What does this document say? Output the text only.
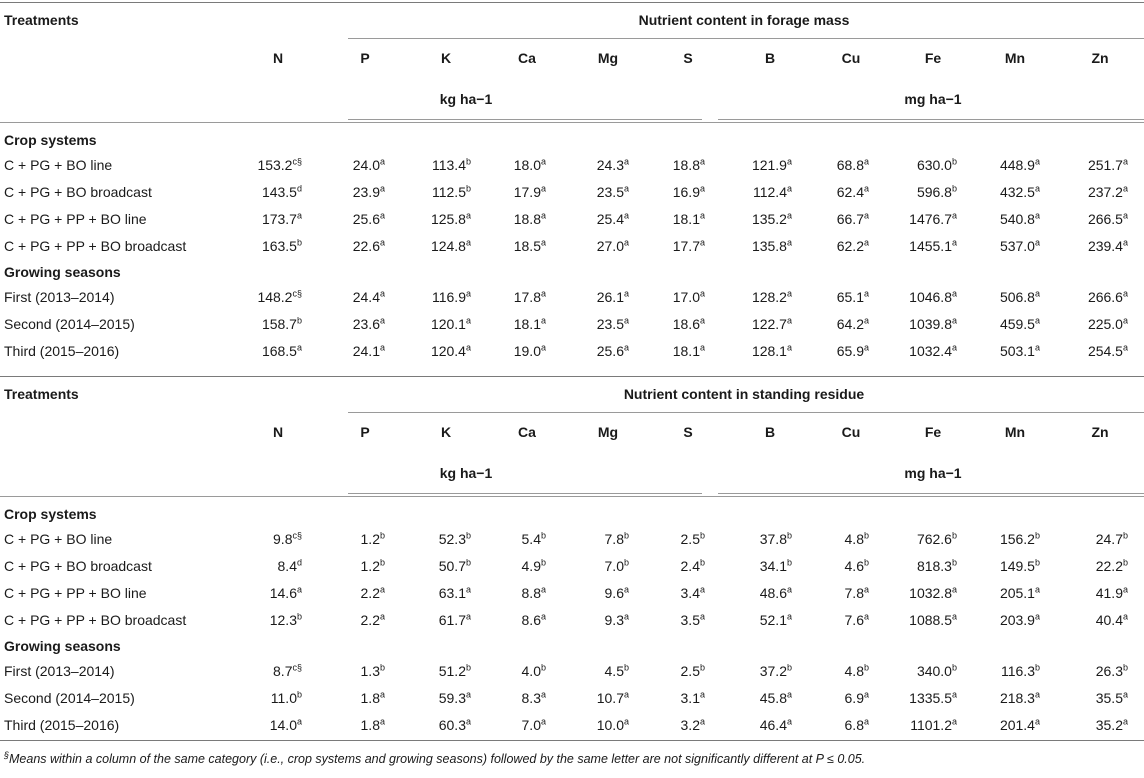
Treatments	Nutrient content in forage mass
N	P	K	Ca	Mg	S	B	Cu	Fe	Mn	Zn
kg ha−1	mg ha−1
Crop systems
C + PG + BO line	$153.2^{c\S}$	24.0$^a$	113.4$^b$	18.0$^a$	24.3$^a$	18.8$^a$	121.9$^a$	68.8$^a$	630.0$^b$	448.9$^a$	251.7$^a$
C + PG + BO broadcast	143.5$^d$	23.9$^a$	112.5$^b$	17.9$^a$	23.5$^a$	16.9$^a$	112.4$^a$	62.4$^a$	596.8$^b$	432.5$^a$	237.2$^a$
C + PG + PP + BO line	173.7$^a$	25.6$^a$	125.8$^a$	18.8$^a$	25.4$^a$	18.1$^a$	135.2$^a$	66.7$^a$	1476.7$^a$	540.8$^a$	266.5$^a$
C + PG + PP + BO broadcast	163.5$^b$	22.6$^a$	124.8$^a$	18.5$^a$	27.0$^a$	17.7$^a$	135.8$^a$	62.2$^a$	1455.1$^a$	537.0$^a$	239.4$^a$
Growing seasons
First (2013–2014)	$148.2^{c\S}$	24.4$^a$	116.9$^a$	17.8$^a$	26.1$^a$	17.0$^a$	128.2$^a$	65.1$^a$	1046.8$^a$	506.8$^a$	266.6$^a$
Second (2014–2015)	158.7$^b$	23.6$^a$	120.1$^a$	18.1$^a$	23.5$^a$	18.6$^a$	122.7$^a$	64.2$^a$	1039.8$^a$	459.5$^a$	225.0$^a$
Third (2015–2016)	168.5$^a$	24.1$^a$	120.4$^a$	19.0$^a$	25.6$^a$	18.1$^a$	128.1$^a$	65.9$^a$	1032.4$^a$	503.1$^a$	254.5$^a$
Treatments	Nutrient content in standing residue
N	P	K	Ca	Mg	S	B	Cu	Fe	Mn	Zn
kg ha−1	mg ha−1
Crop systems
C + PG + BO line	$9.8^{c\S}$	1.2$^b$	52.3$^b$	5.4$^b$	7.8$^b$	2.5$^b$	37.8$^b$	4.8$^b$	762.6$^b$	156.2$^b$	24.7$^b$
C + PG + BO broadcast	8.4$^d$	1.2$^b$	50.7$^b$	4.9$^b$	7.0$^b$	2.4$^b$	34.1$^b$	4.6$^b$	818.3$^b$	149.5$^b$	22.2$^b$
C + PG + PP + BO line	14.6$^a$	2.2$^a$	63.1$^a$	8.8$^a$	9.6$^a$	3.4$^a$	48.6$^a$	7.8$^a$	1032.8$^a$	205.1$^a$	41.9$^a$
C + PG + PP + BO broadcast	12.3$^b$	2.2$^a$	61.7$^a$	8.6$^a$	9.3$^a$	3.5$^a$	52.1$^a$	7.6$^a$	1088.5$^a$	203.9$^a$	40.4$^a$
Growing seasons
First (2013–2014)	$8.7^{c\S}$	1.3$^b$	51.2$^b$	4.0$^b$	4.5$^b$	2.5$^b$	37.2$^b$	4.8$^b$	340.0$^b$	116.3$^b$	26.3$^b$
Second (2014–2015)	11.0$^b$	1.8$^a$	59.3$^a$	8.3$^a$	10.7$^a$	3.1$^a$	45.8$^a$	6.9$^a$	1335.5$^a$	218.3$^a$	35.5$^a$
Third (2015–2016)	14.0$^a$	1.8$^a$	60.3$^a$	7.0$^a$	10.0$^a$	3.2$^a$	46.4$^a$	6.8$^a$	1101.2$^a$	201.4$^a$	35.2$^a$
§Means within a column of the same category (i.e., crop systems and growing seasons) followed by the same letter are not significantly different at P ≤ 0.05.
